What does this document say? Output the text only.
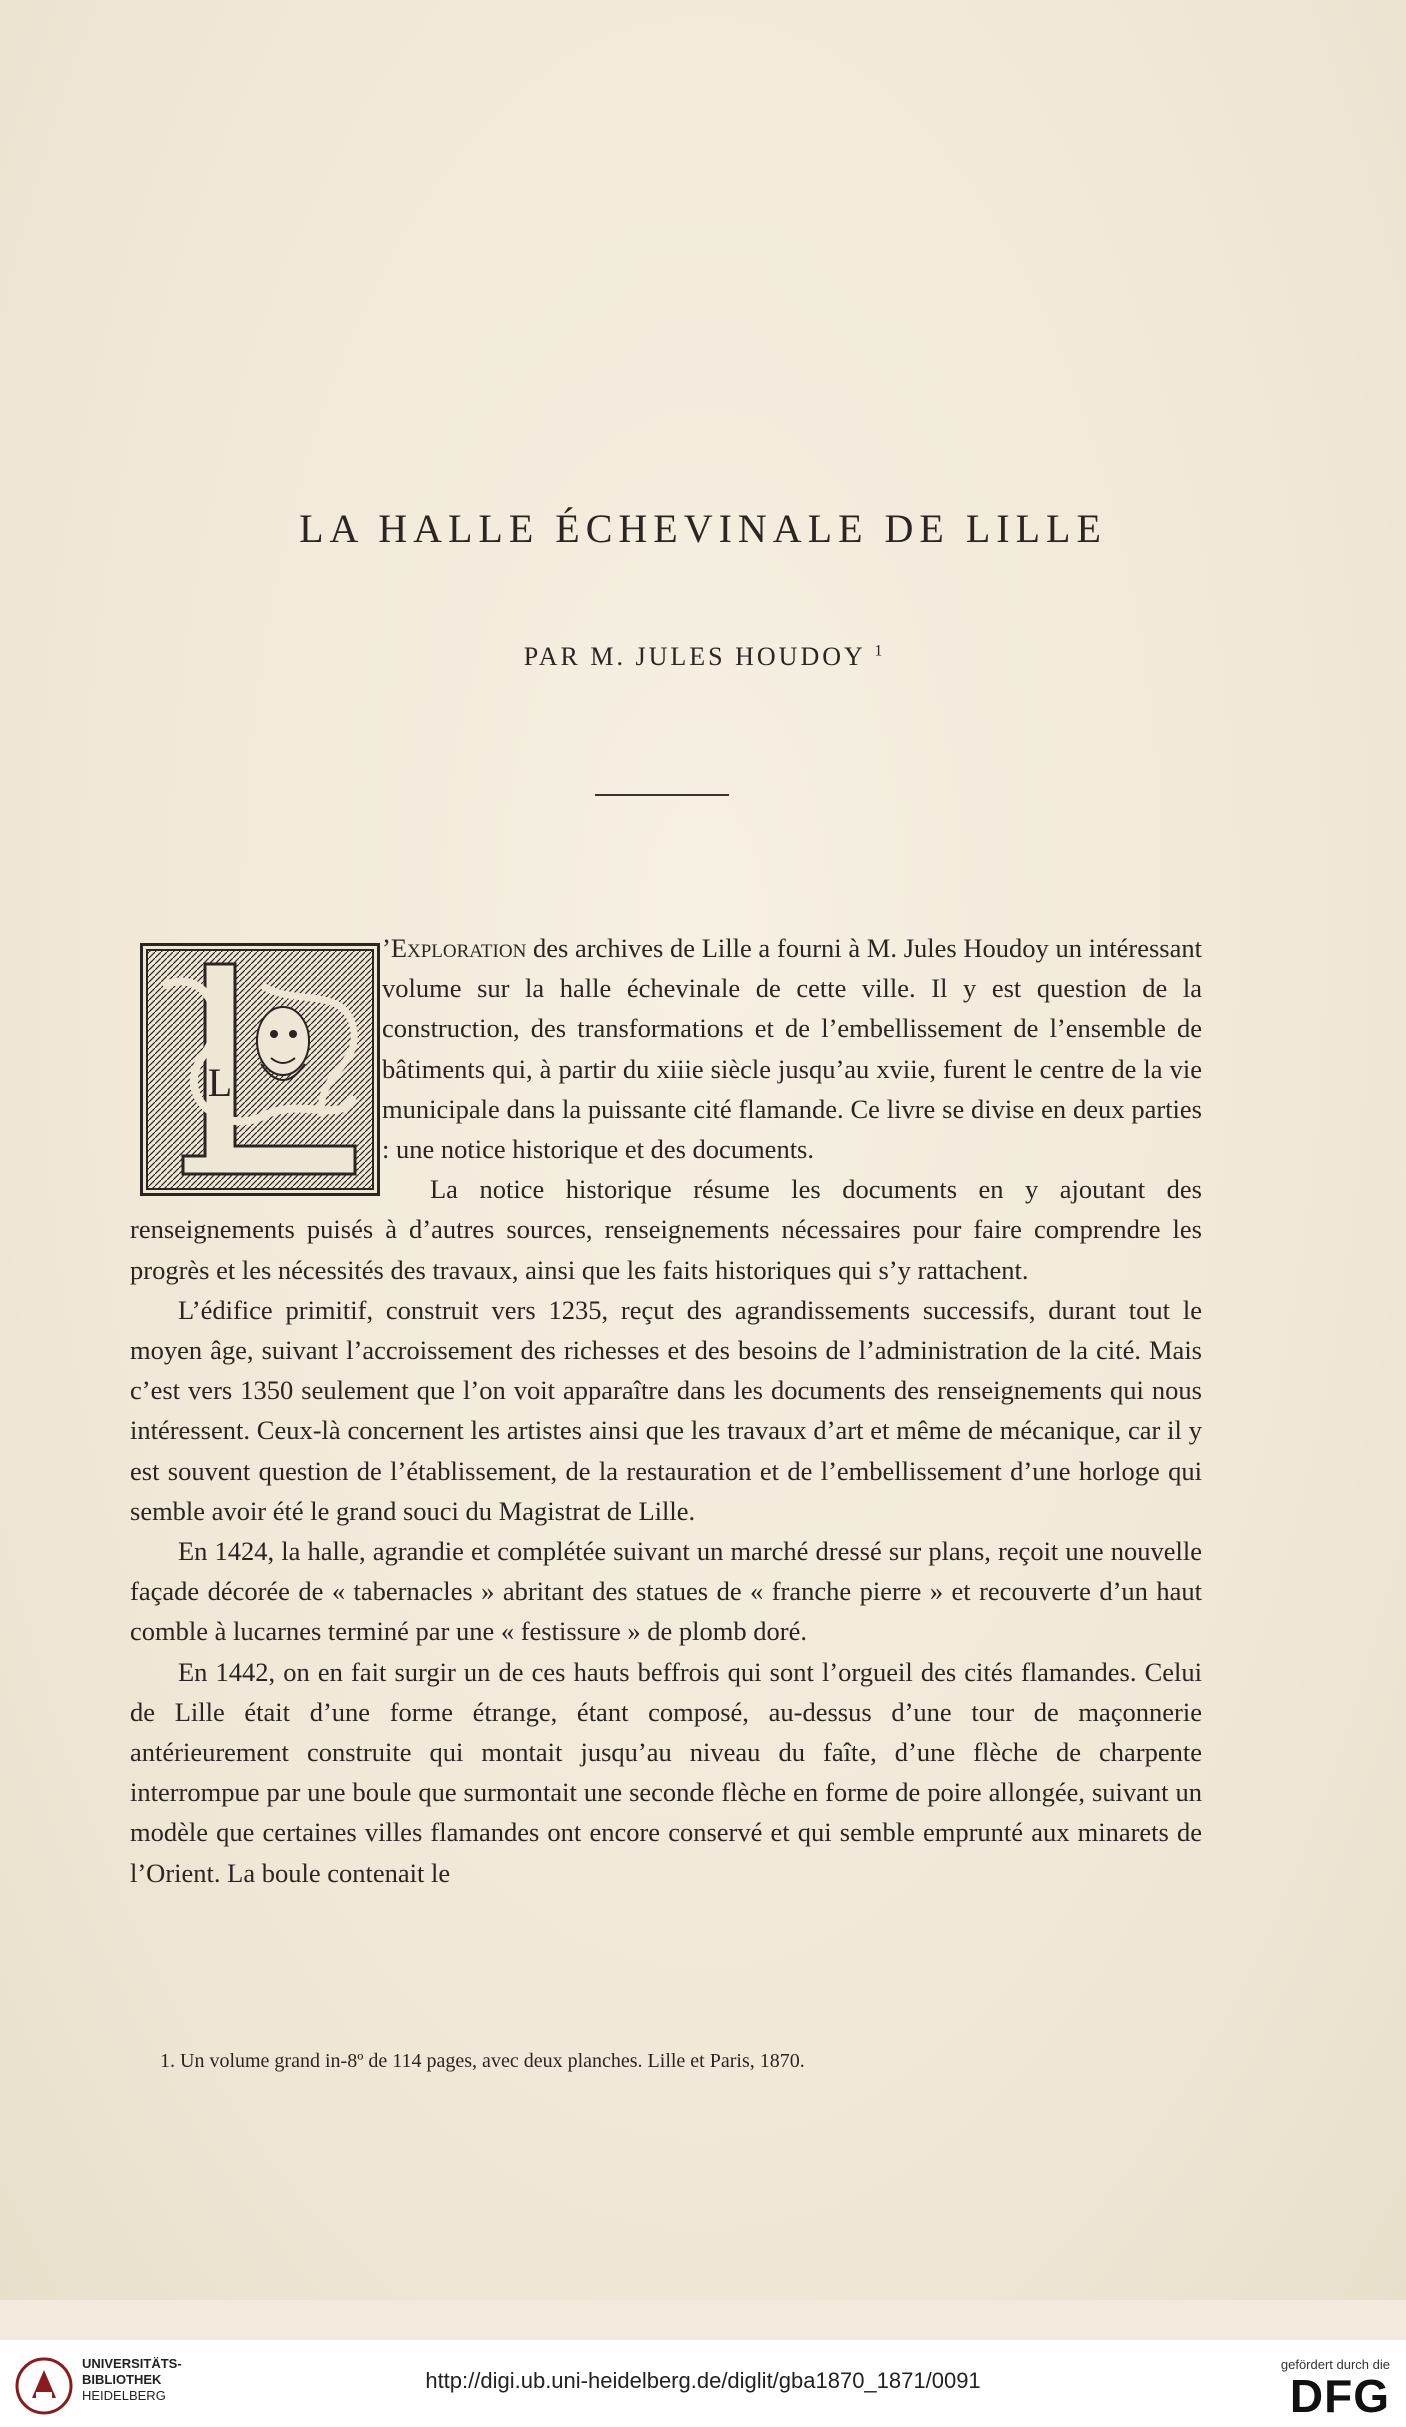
LA HALLE ÉCHEVINALE DE LILLE
PAR M. JULES HOUDOY $^1$
L

’Exploration des archives de Lille a fourni à M. Jules Houdoy un intéressant volume sur la halle échevinale de cette ville. Il y est question de la construction, des transformations et de l’embellissement de l’ensemble de bâtiments qui, à partir du xiiie siècle jusqu’au xviie, furent le centre de la vie municipale dans la puissante cité flamande. Ce livre se divise en deux parties : une notice historique et des documents.

La notice historique résume les documents en y ajoutant des renseignements puisés à d’autres sources, renseignements nécessaires pour faire comprendre les progrès et les nécessités des travaux, ainsi que les faits historiques qui s’y rattachent.

L’édifice primitif, construit vers 1235, reçut des agrandissements successifs, durant tout le moyen âge, suivant l’accroissement des richesses et des besoins de l’administration de la cité. Mais c’est vers 1350 seulement que l’on voit apparaître dans les documents des renseignements qui nous intéressent. Ceux-là concernent les artistes ainsi que les travaux d’art et même de mécanique, car il y est souvent question de l’établissement, de la restauration et de l’embellissement d’une horloge qui semble avoir été le grand souci du Magistrat de Lille.

En 1424, la halle, agrandie et complétée suivant un marché dressé sur plans, reçoit une nouvelle façade décorée de « tabernacles » abritant des statues de « franche pierre » et recouverte d’un haut comble à lucarnes terminé par une « festissure » de plomb doré.

En 1442, on en fait surgir un de ces hauts beffrois qui sont l’orgueil des cités flamandes. Celui de Lille était d’une forme étrange, étant composé, au-dessus d’une tour de maçonnerie antérieurement construite qui montait jusqu’au niveau du faîte, d’une flèche de charpente interrompue par une boule que surmontait une seconde flèche en forme de poire allongée, suivant un modèle que certaines villes flamandes ont encore conservé et qui semble emprunté aux minarets de l’Orient. La boule contenait le

1. Un volume grand in-8º de 114 pages, avec deux planches. Lille et Paris, 1870.
UNIVERSITÄTS-
BIBLIOTHEK
HEIDELBERG
http://digi.ub.uni-heidelberg.de/diglit/gba1870_1871/0091
gefördert durch die
DFG
